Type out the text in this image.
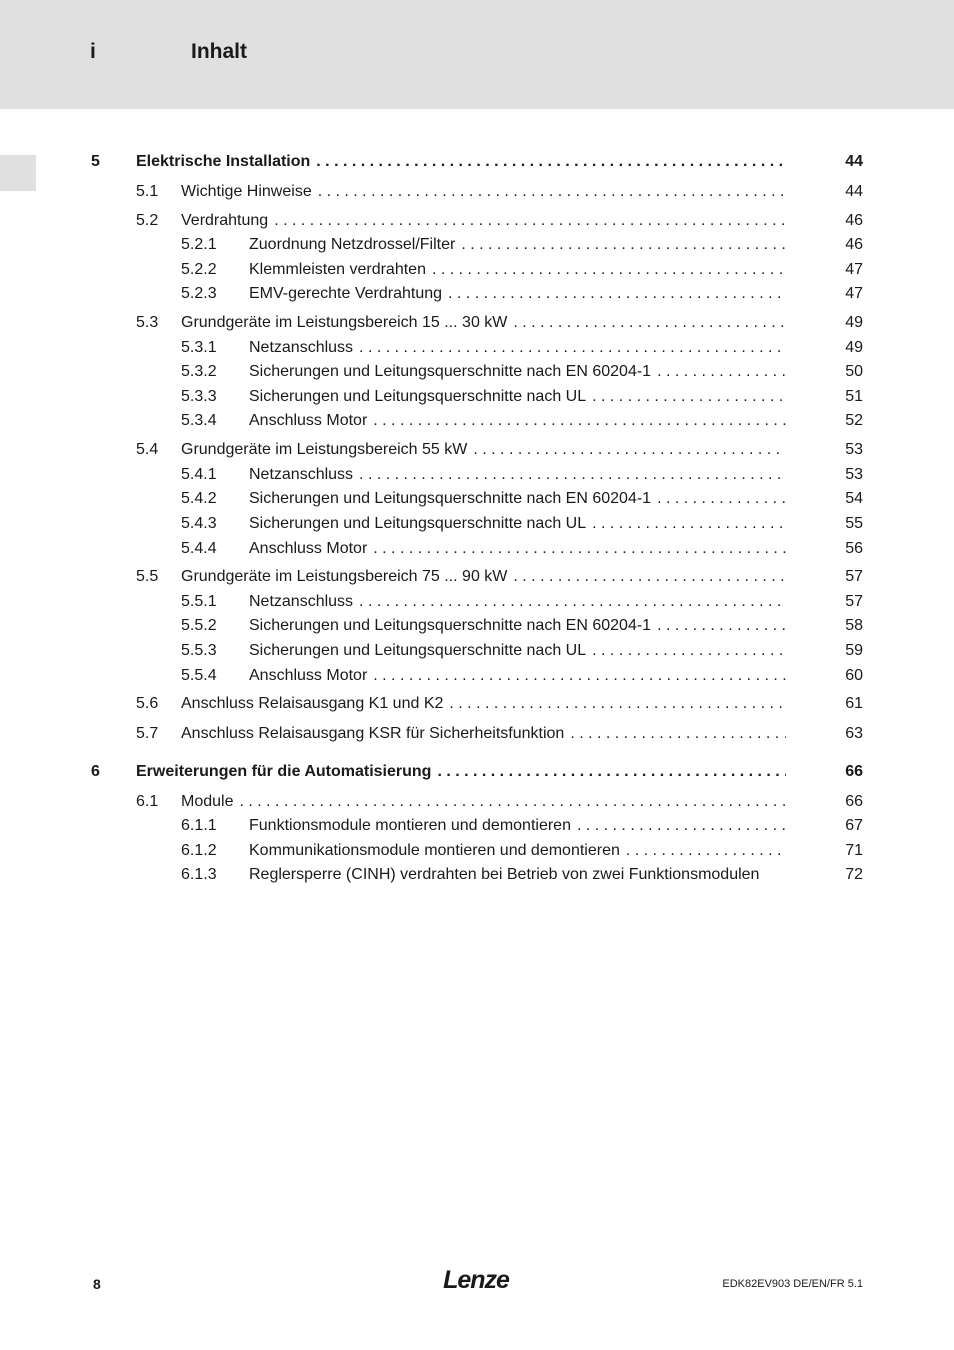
i	Inhalt
5 Elektrische Installation . . .	44
5.1 Wichtige Hinweise . . .	44
5.2 Verdrahtung . . .	46
5.2.1 Zuordnung Netzdrossel/Filter . . .	46
5.2.2 Klemmleisten verdrahten . . .	47
5.2.3 EMV-gerechte Verdrahtung . . .	47
5.3 Grundgeräte im Leistungsbereich 15 ... 30 kW . . .	49
5.3.1 Netzanschluss . . .	49
5.3.2 Sicherungen und Leitungsquerschnitte nach EN 60204-1 . . .	50
5.3.3 Sicherungen und Leitungsquerschnitte nach UL . . .	51
5.3.4 Anschluss Motor . . .	52
5.4 Grundgeräte im Leistungsbereich 55 kW . . .	53
5.4.1 Netzanschluss . . .	53
5.4.2 Sicherungen und Leitungsquerschnitte nach EN 60204-1 . . .	54
5.4.3 Sicherungen und Leitungsquerschnitte nach UL . . .	55
5.4.4 Anschluss Motor . . .	56
5.5 Grundgeräte im Leistungsbereich 75 ... 90 kW . . .	57
5.5.1 Netzanschluss . . .	57
5.5.2 Sicherungen und Leitungsquerschnitte nach EN 60204-1 . . .	58
5.5.3 Sicherungen und Leitungsquerschnitte nach UL . . .	59
5.5.4 Anschluss Motor . . .	60
5.6 Anschluss Relaisausgang K1 und K2 . . .	61
5.7 Anschluss Relaisausgang KSR für Sicherheitsfunktion . . .	63
6 Erweiterungen für die Automatisierung . . .	66
6.1 Module . . .	66
6.1.1 Funktionsmodule montieren und demontieren . . .	67
6.1.2 Kommunikationsmodule montieren und demontieren . . .	71
6.1.3 Reglersperre (CINH) verdrahten bei Betrieb von zwei Funktionsmodulen	72
8	Lenze	EDK82EV903 DE/EN/FR 5.1
